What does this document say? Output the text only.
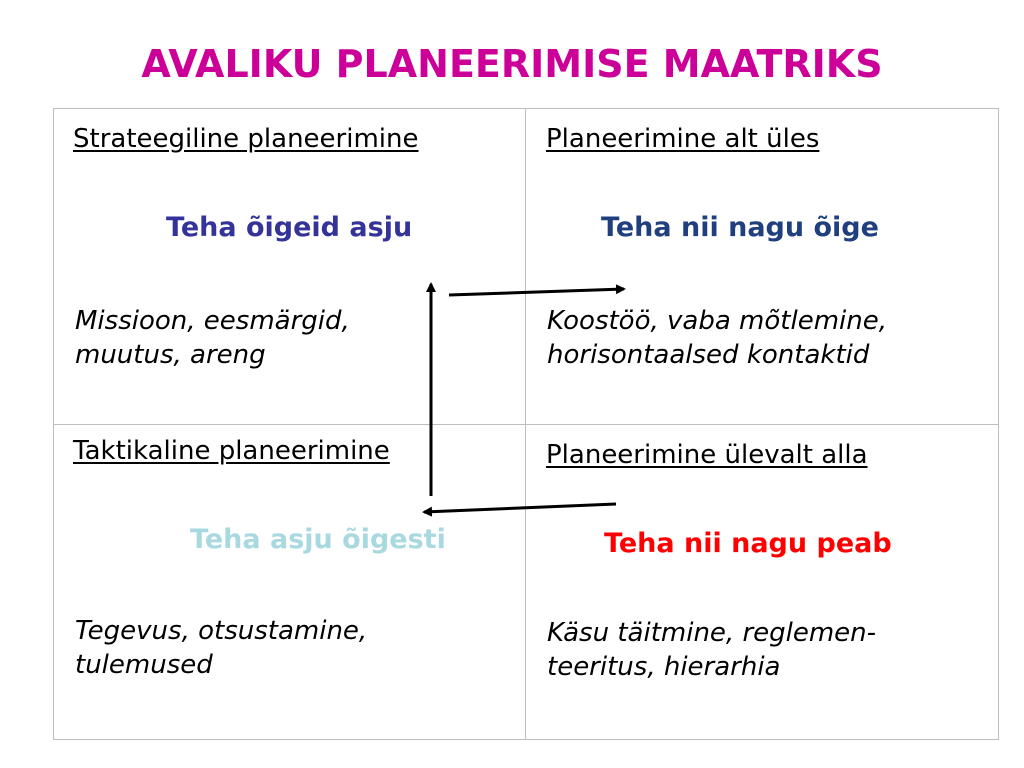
AVALIKU PLANEERIMISE MAATRIKS
Strateegiline planeerimine
Teha õigeid asju
Missioon, eesmärgid,
muutus, areng
Planeerimine alt üles
Teha nii nagu õige
Koostöö, vaba mõtlemine,
horisontaalsed kontaktid
Taktikaline planeerimine
Teha asju õigesti
Tegevus, otsustamine,
tulemused
Planeerimine ülevalt alla
Teha nii nagu peab
Käsu täitmine, reglemen-
teeritus, hierarhia
